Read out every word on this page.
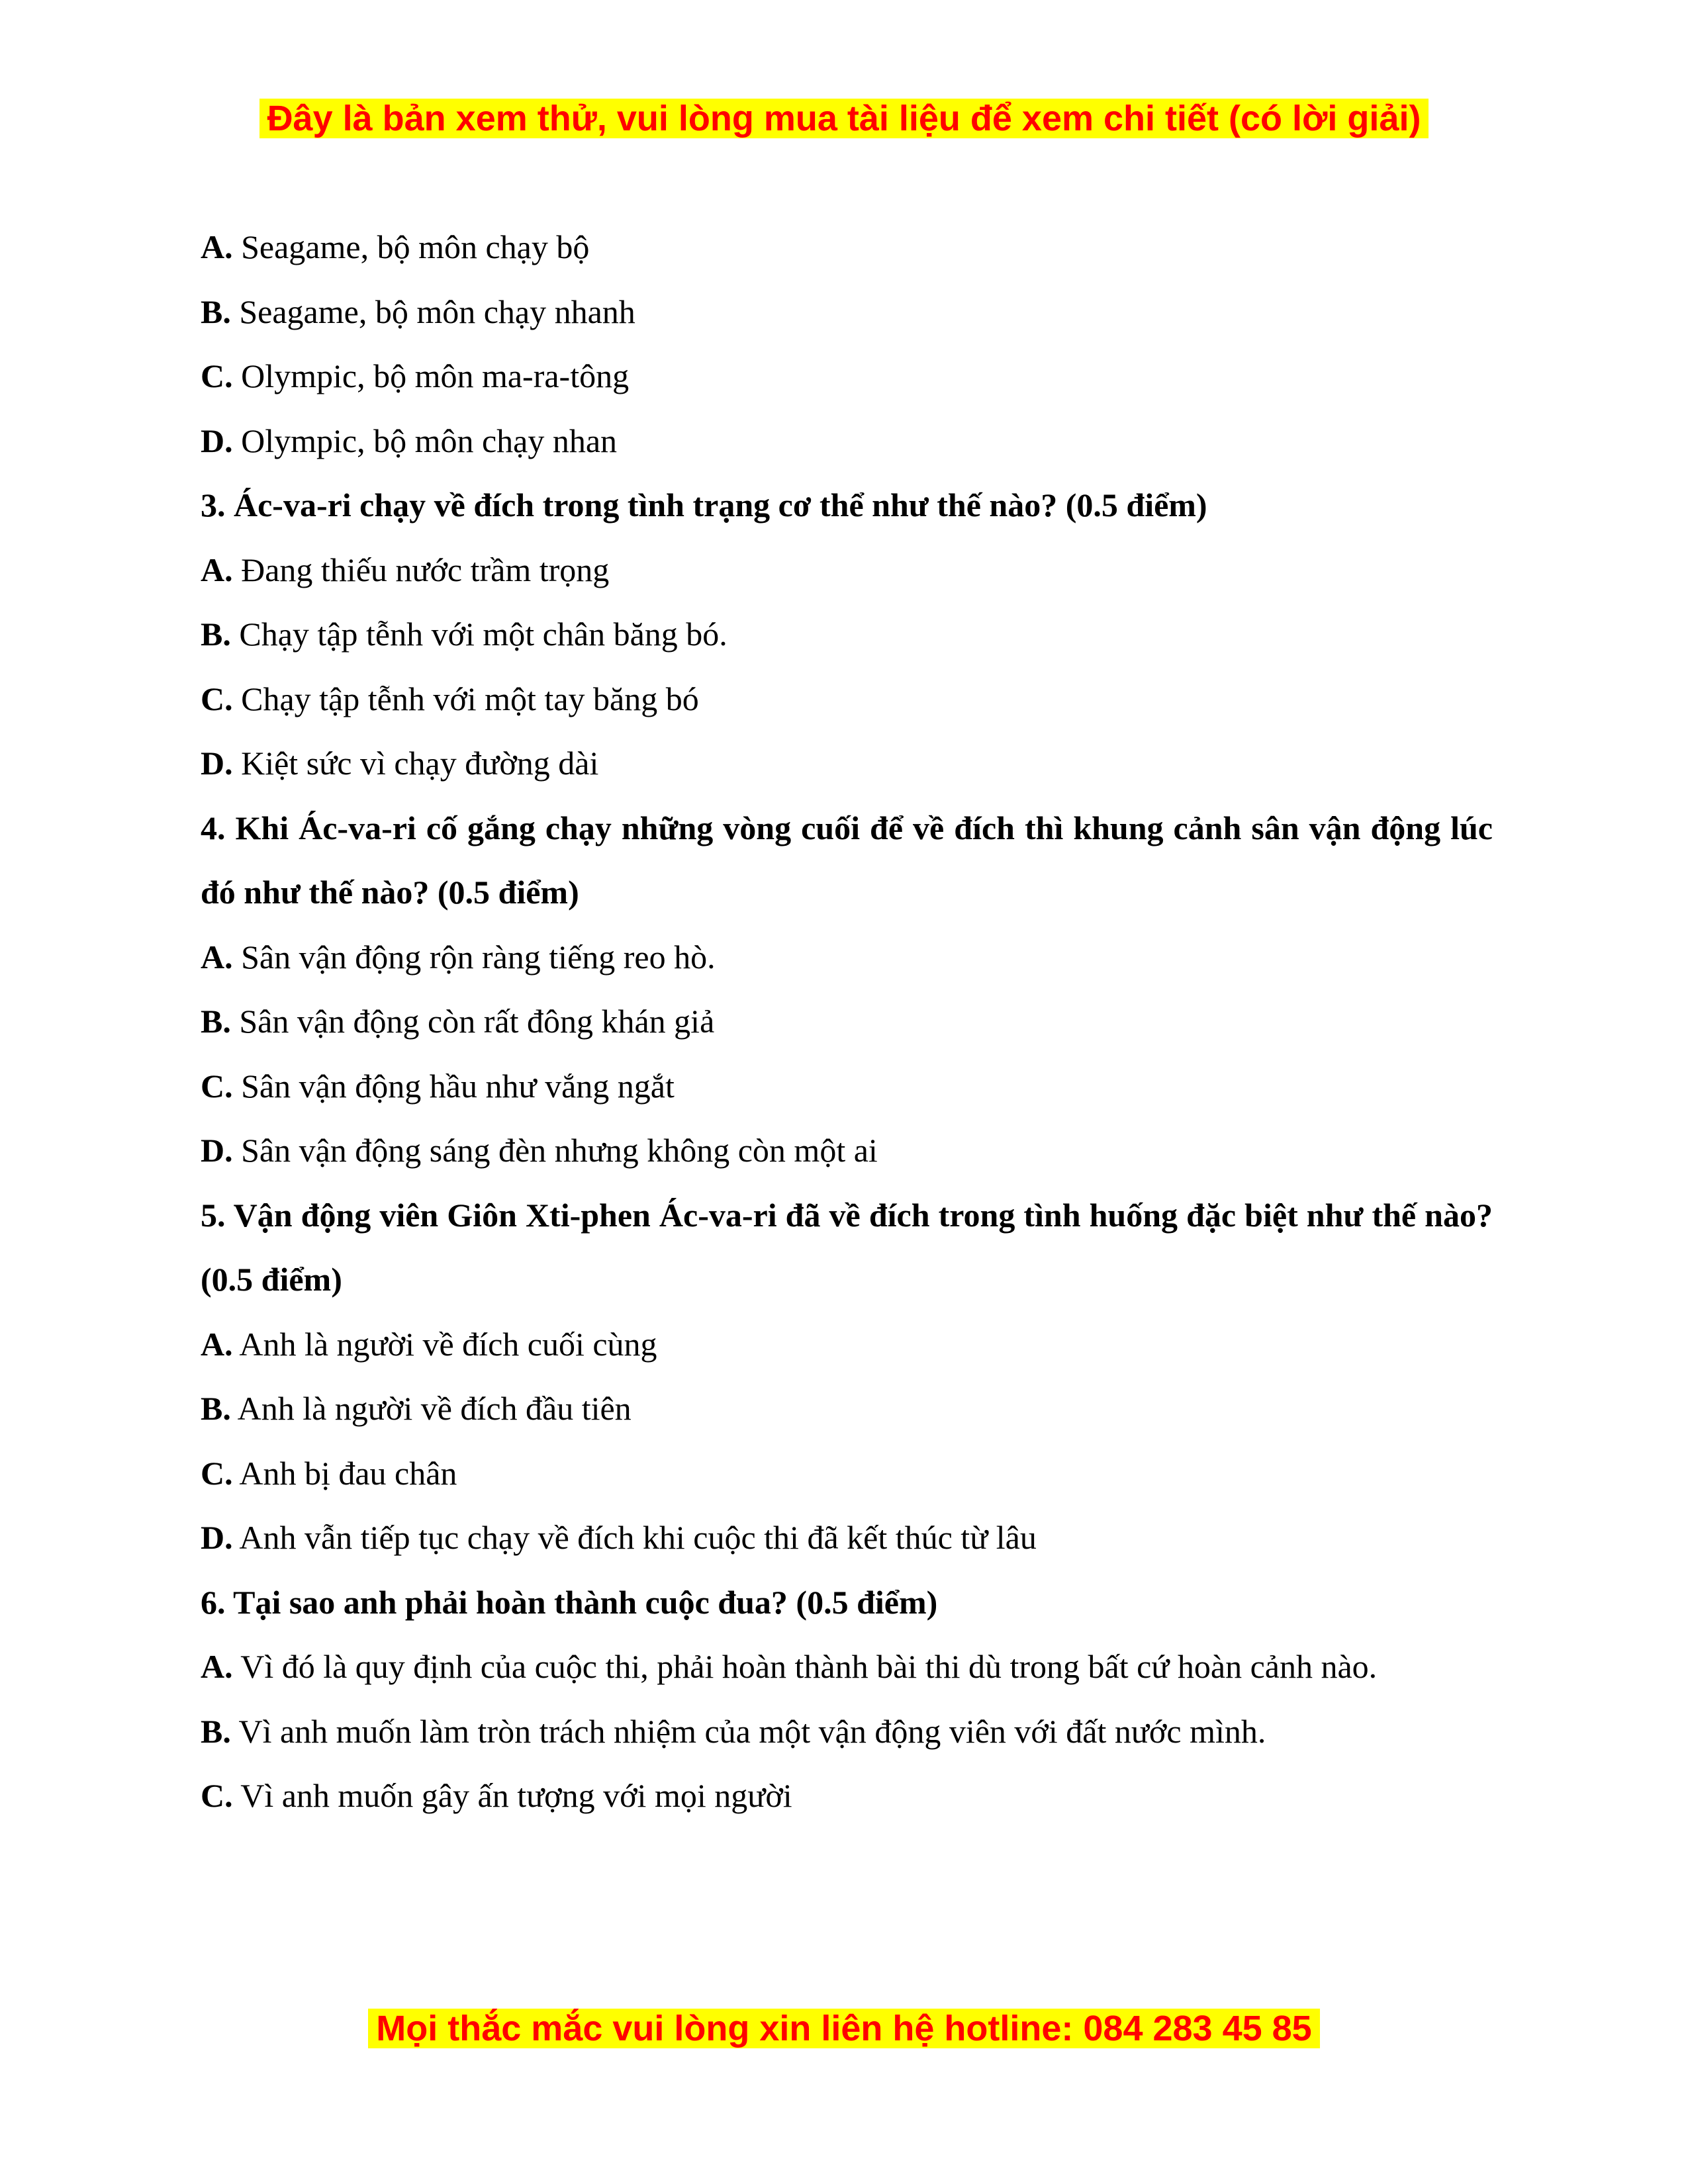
Đây là bản xem thử, vui lòng mua tài liệu để xem chi tiết (có lời giải)

A. Seagame, bộ môn chạy bộ

B. Seagame, bộ môn chạy nhanh

C. Olympic, bộ môn ma-ra-tông

D. Olympic, bộ môn chạy nhan

3. Ác-va-ri chạy về đích trong tình trạng cơ thể như thế nào? (0.5 điểm)

A. Đang thiếu nước trầm trọng

B. Chạy tập tễnh với một chân băng bó.

C. Chạy tập tễnh với một tay băng bó

D. Kiệt sức vì chạy đường dài

4. Khi Ác-va-ri cố gắng chạy những vòng cuối để về đích thì khung cảnh sân vận động lúc đó như thế nào? (0.5 điểm)

A. Sân vận động rộn ràng tiếng reo hò.

B. Sân vận động còn rất đông khán giả

C. Sân vận động hầu như vắng ngắt

D. Sân vận động sáng đèn nhưng không còn một ai

5. Vận động viên Giôn Xti-phen Ác-va-ri đã về đích trong tình huống đặc biệt như thế nào? (0.5 điểm)

A. Anh là người về đích cuối cùng

B. Anh là người về đích đầu tiên

C. Anh bị đau chân

D. Anh vẫn tiếp tục chạy về đích khi cuộc thi đã kết thúc từ lâu

6. Tại sao anh phải hoàn thành cuộc đua? (0.5 điểm)

A. Vì đó là quy định của cuộc thi, phải hoàn thành bài thi dù trong bất cứ hoàn cảnh nào.

B. Vì anh muốn làm tròn trách nhiệm của một vận động viên với đất nước mình.

C. Vì anh muốn gây ấn tượng với mọi người

Mọi thắc mắc vui lòng xin liên hệ hotline: 084 283 45 85
